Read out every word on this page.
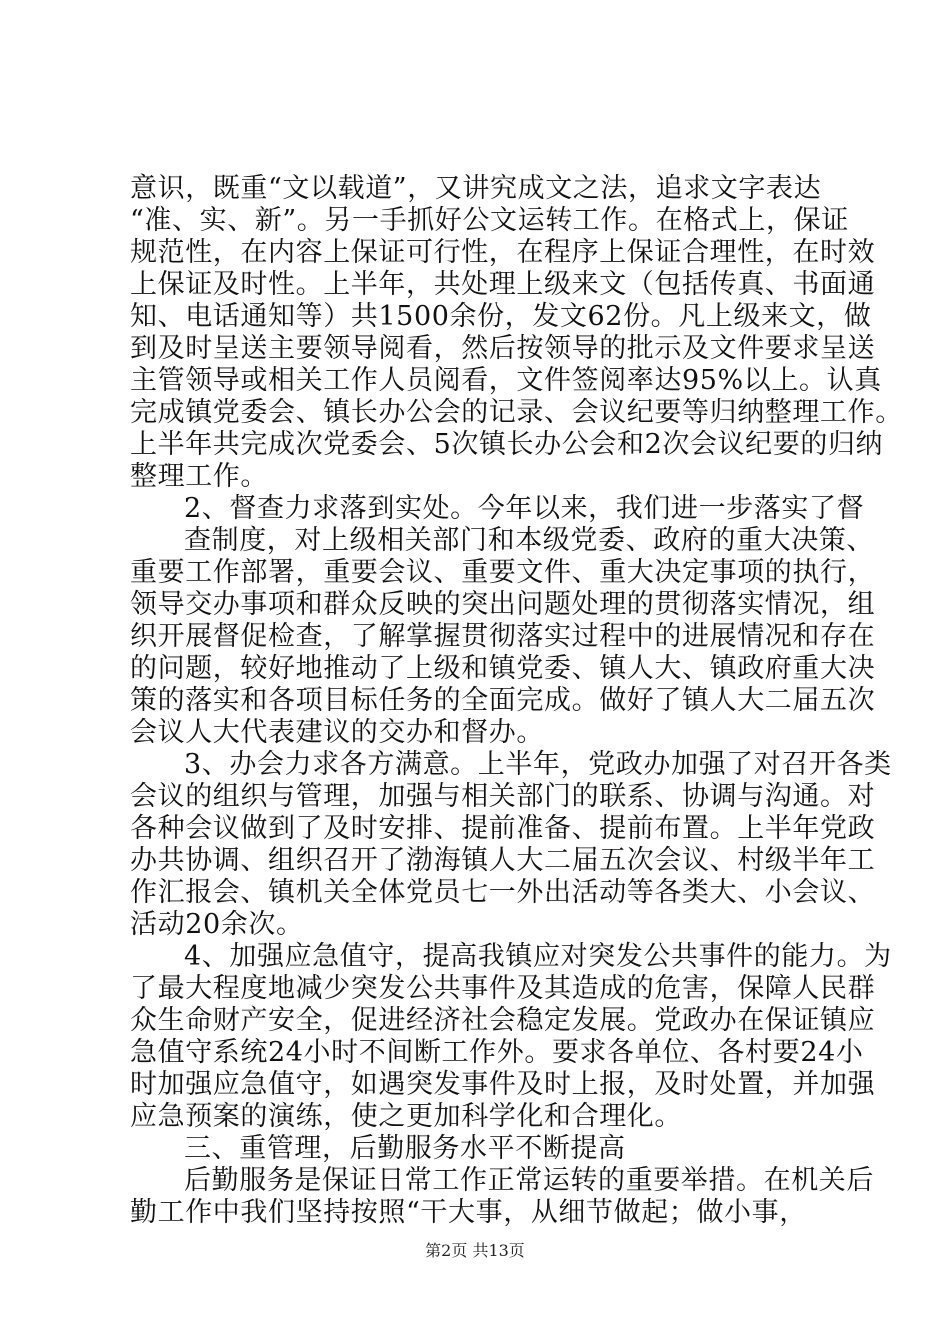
意识，既重“文以载道”，又讲究成文之法，追求文字表达
“准、实、新”。另一手抓好公文运转工作。在格式上，保证
规范性，在内容上保证可行性，在程序上保证合理性，在时效
上保证及时性。上半年，共处理上级来文（包括传真、书面通
知、电话通知等）共1500余份，发文62份。凡上级来文，做
到及时呈送主要领导阅看，然后按领导的批示及文件要求呈送
主管领导或相关工作人员阅看，文件签阅率达95%以上。认真
完成镇党委会、镇长办公会的记录、会议纪要等归纳整理工作。
上半年共完成次党委会、5次镇长办公会和2次会议纪要的归纳
整理工作。
2、督查力求落到实处。今年以来，我们进一步落实了督
查制度，对上级相关部门和本级党委、政府的重大决策、
重要工作部署，重要会议、重要文件、重大决定事项的执行，
领导交办事项和群众反映的突出问题处理的贯彻落实情况，组
织开展督促检查，了解掌握贯彻落实过程中的进展情况和存在
的问题，较好地推动了上级和镇党委、镇人大、镇政府重大决
策的落实和各项目标任务的全面完成。做好了镇人大二届五次
会议人大代表建议的交办和督办。
3、办会力求各方满意。上半年，党政办加强了对召开各类
会议的组织与管理，加强与相关部门的联系、协调与沟通。对
各种会议做到了及时安排、提前准备、提前布置。上半年党政
办共协调、组织召开了渤海镇人大二届五次会议、村级半年工
作汇报会、镇机关全体党员七一外出活动等各类大、小会议、
活动20余次。
4、加强应急值守，提高我镇应对突发公共事件的能力。为
了最大程度地减少突发公共事件及其造成的危害，保障人民群
众生命财产安全，促进经济社会稳定发展。党政办在保证镇应
急值守系统24小时不间断工作外。要求各单位、各村要24小
时加强应急值守，如遇突发事件及时上报，及时处置，并加强
应急预案的演练，使之更加科学化和合理化。
三、重管理，后勤服务水平不断提高
后勤服务是保证日常工作正常运转的重要举措。在机关后
勤工作中我们坚持按照“干大事，从细节做起；做小事，
第2页 共13页
